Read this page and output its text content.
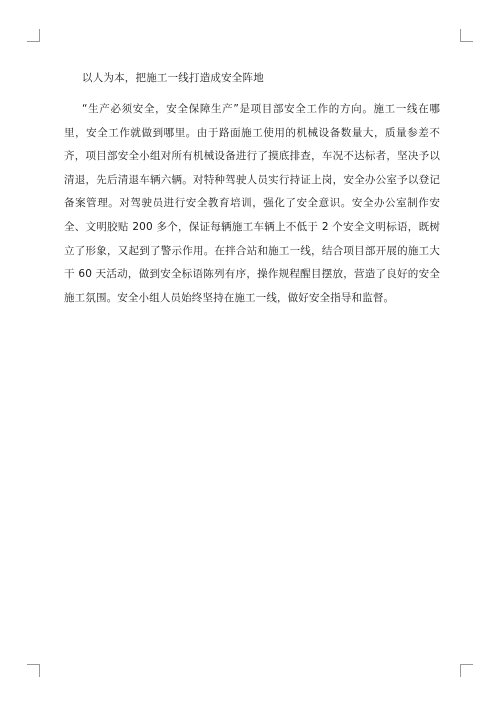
以人为本，把施工一线打造成安全阵地

“生产必须安全，安全保障生产”是项目部安全工作的方向。施工一线在哪里，安全工作就做到哪里。由于路面施工使用的机械设备数量大，质量参差不齐，项目部安全小组对所有机械设备进行了摸底排查，车况不达标者，坚决予以清退，先后清退车辆六辆。对特种驾驶人员实行持证上岗，安全办公室予以登记备案管理。对驾驶员进行安全教育培训，强化了安全意识。安全办公室制作安全、文明胶贴 200 多个，保证每辆施工车辆上不低于 2 个安全文明标语，既树立了形象，又起到了警示作用。在拌合站和施工一线，结合项目部开展的施工大干 60 天活动，做到安全标语陈列有序，操作规程醒目摆放，营造了良好的安全施工氛围。安全小组人员始终坚持在施工一线，做好安全指导和监督。
